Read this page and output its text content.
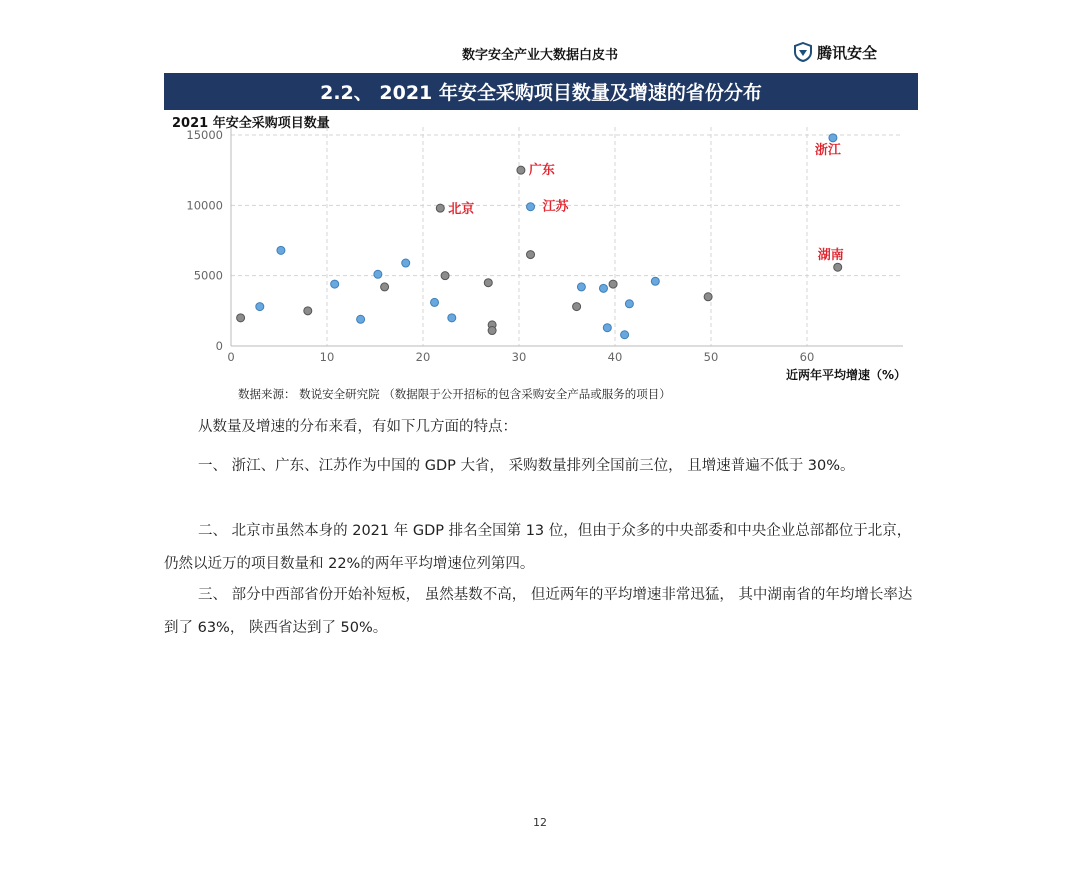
数字安全产业大数据白皮书	腾讯安全
2.2、 2021 年安全采购项目数量及增速的省份分布
2021 年安全采购项目数量
0	10	20	30	40	50	60
0
5000
10000
15000
近两年平均增速（%）
浙江
广东
北京	江苏
湖南
数据来源： 数说安全研究院 （数据限于公开招标的包含采购安全产品或服务的项目）
从数量及增速的分布来看，有如下几方面的特点：
一、 浙江、广东、江苏作为中国的 GDP 大省， 采购数量排列全国前三位， 且增速普遍不低于 30%。
二、 北京市虽然本身的 2021 年 GDP 排名全国第 13 位，但由于众多的中央部委和中央企业总部都位于北京， 仍然以近万的项目数量和 22%的两年平均增速位列第四。
三、 部分中西部省份开始补短板， 虽然基数不高， 但近两年的平均增速非常迅猛， 其中湖南省的年均增长率达到了 63%， 陕西省达到了 50%。
12
